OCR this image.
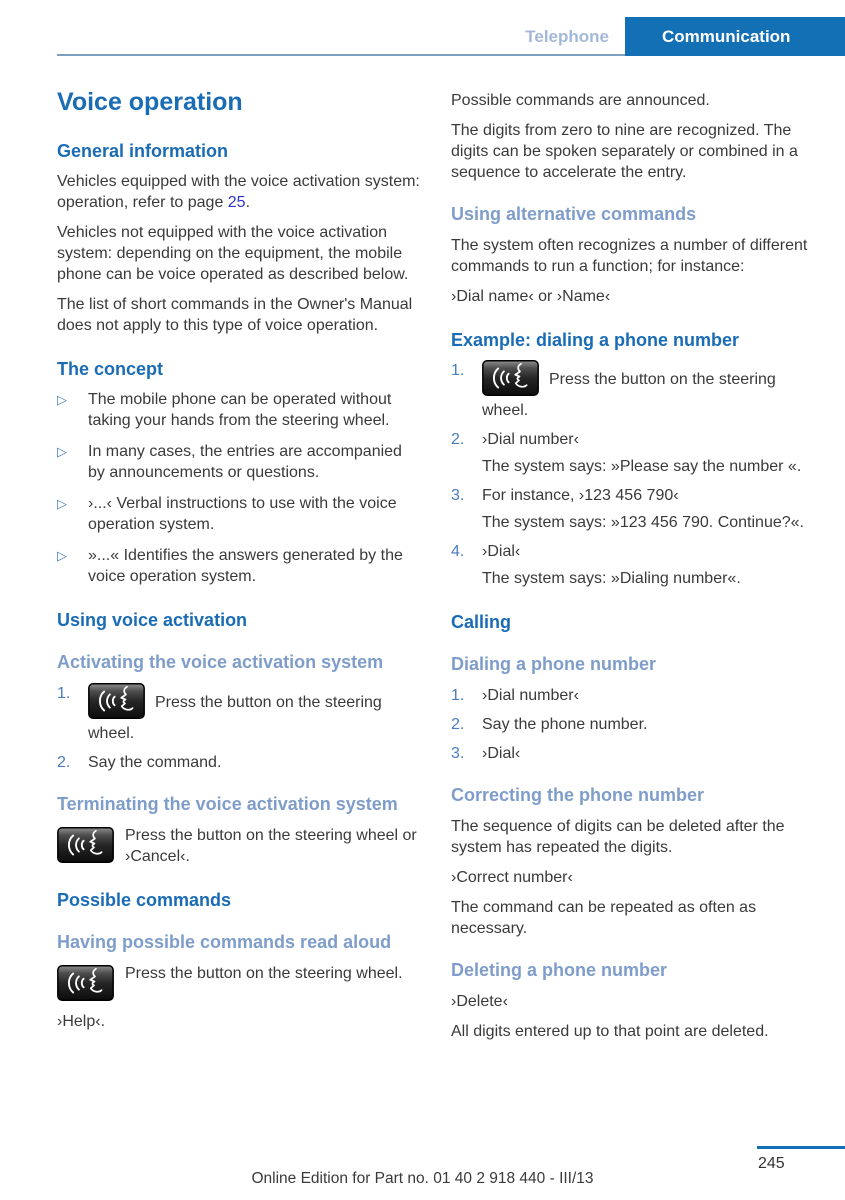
Telephone	Communication
Voice operation
General information

Vehicles equipped with the voice activation system: operation, refer to page 25.

Vehicles not equipped with the voice activation system: depending on the equipment, the mobile phone can be voice operated as described below.

The list of short commands in the Owner's Manual does not apply to this type of voice operation.

The concept
▷	The mobile phone can be operated without taking your hands from the steering wheel.
▷	In many cases, the entries are accompanied by announcements or questions.
▷	›...‹ Verbal instructions to use with the voice operation system.
▷	»...« Identifies the answers generated by the voice operation system.
Using voice activation
Activating the voice activation system
1.
Press the button on the steering wheel.
2.	Say the command.
Terminating the voice activation system
Press the button on the steering wheel or ›Cancel‹.
Possible commands
Having possible commands read aloud
Press the button on the steering wheel.

›Help‹.

Possible commands are announced.

The digits from zero to nine are recognized. The digits can be spoken separately or combined in a sequence to accelerate the entry.

Using alternative commands

The system often recognizes a number of different commands to run a function; for instance:

›Dial name‹ or ›Name‹

Example: dialing a phone number
1.
Press the button on the steering wheel.
2.	›Dial number‹
The system says: »Please say the number «.
3.	For instance, ›123 456 790‹
The system says: »123 456 790. Continue?«.
4.	›Dial‹
The system says: »Dialing number«.
Calling
Dialing a phone number
1.	›Dial number‹
2.	Say the phone number.
3.	›Dial‹
Correcting the phone number

The sequence of digits can be deleted after the system has repeated the digits.

›Correct number‹

The command can be repeated as often as necessary.

Deleting a phone number

›Delete‹

All digits entered up to that point are deleted.

245
Online Edition for Part no. 01 40 2 918 440 - III/13
